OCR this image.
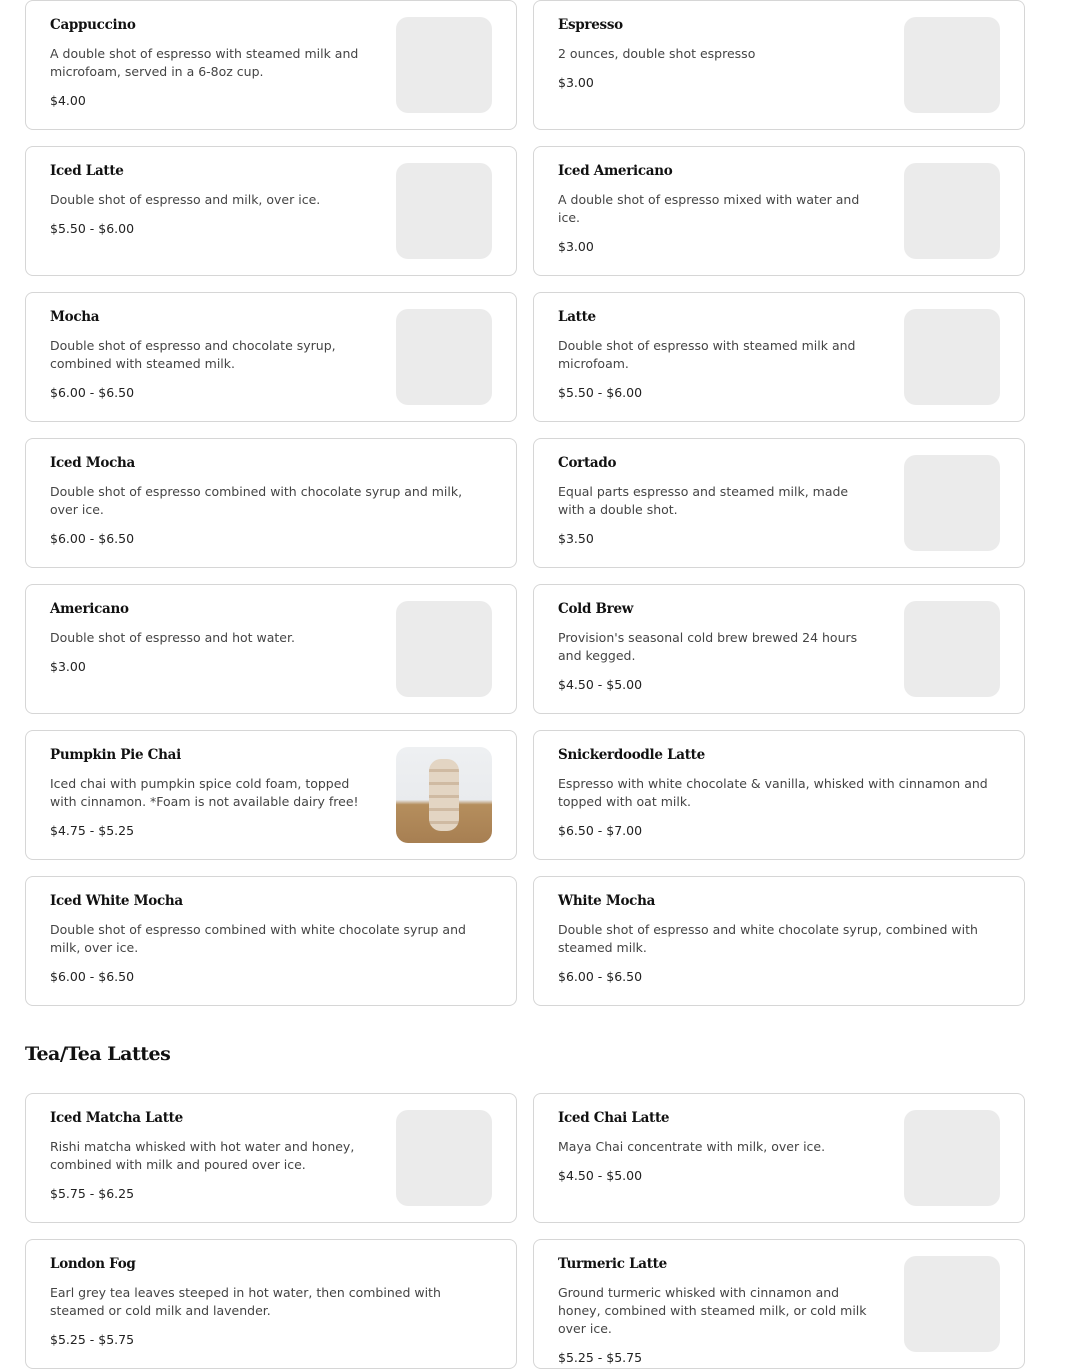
Cappuccino
A double shot of espresso with steamed milk and microfoam, served in a 6-8oz cup.
$4.00
Espresso
2 ounces, double shot espresso
$3.00
Iced Latte
Double shot of espresso and milk, over ice.
$5.50 - $6.00
Iced Americano
A double shot of espresso mixed with water and ice.
$3.00
Mocha
Double shot of espresso and chocolate syrup, combined with steamed milk.
$6.00 - $6.50
Latte
Double shot of espresso with steamed milk and microfoam.
$5.50 - $6.00
Iced Mocha
Double shot of espresso combined with chocolate syrup and milk, over ice.
$6.00 - $6.50
Cortado
Equal parts espresso and steamed milk, made with a double shot.
$3.50
Americano
Double shot of espresso and hot water.
$3.00
Cold Brew
Provision's seasonal cold brew brewed 24 hours and kegged.
$4.50 - $5.00
Pumpkin Pie Chai
Iced chai with pumpkin spice cold foam, topped with cinnamon. *Foam is not available dairy free!
$4.75 - $5.25
Snickerdoodle Latte
Espresso with white chocolate & vanilla, whisked with cinnamon and topped with oat milk.
$6.50 - $7.00
Iced White Mocha
Double shot of espresso combined with white chocolate syrup and milk, over ice.
$6.00 - $6.50
White Mocha
Double shot of espresso and white chocolate syrup, combined with steamed milk.
$6.00 - $6.50
Tea/Tea Lattes
Iced Matcha Latte
Rishi matcha whisked with hot water and honey, combined with milk and poured over ice.
$5.75 - $6.25
Iced Chai Latte
Maya Chai concentrate with milk, over ice.
$4.50 - $5.00
London Fog
Earl grey tea leaves steeped in hot water, then combined with steamed or cold milk and lavender.
$5.25 - $5.75
Turmeric Latte
Ground turmeric whisked with cinnamon and honey, combined with steamed milk, or cold milk over ice.
$5.25 - $5.75
